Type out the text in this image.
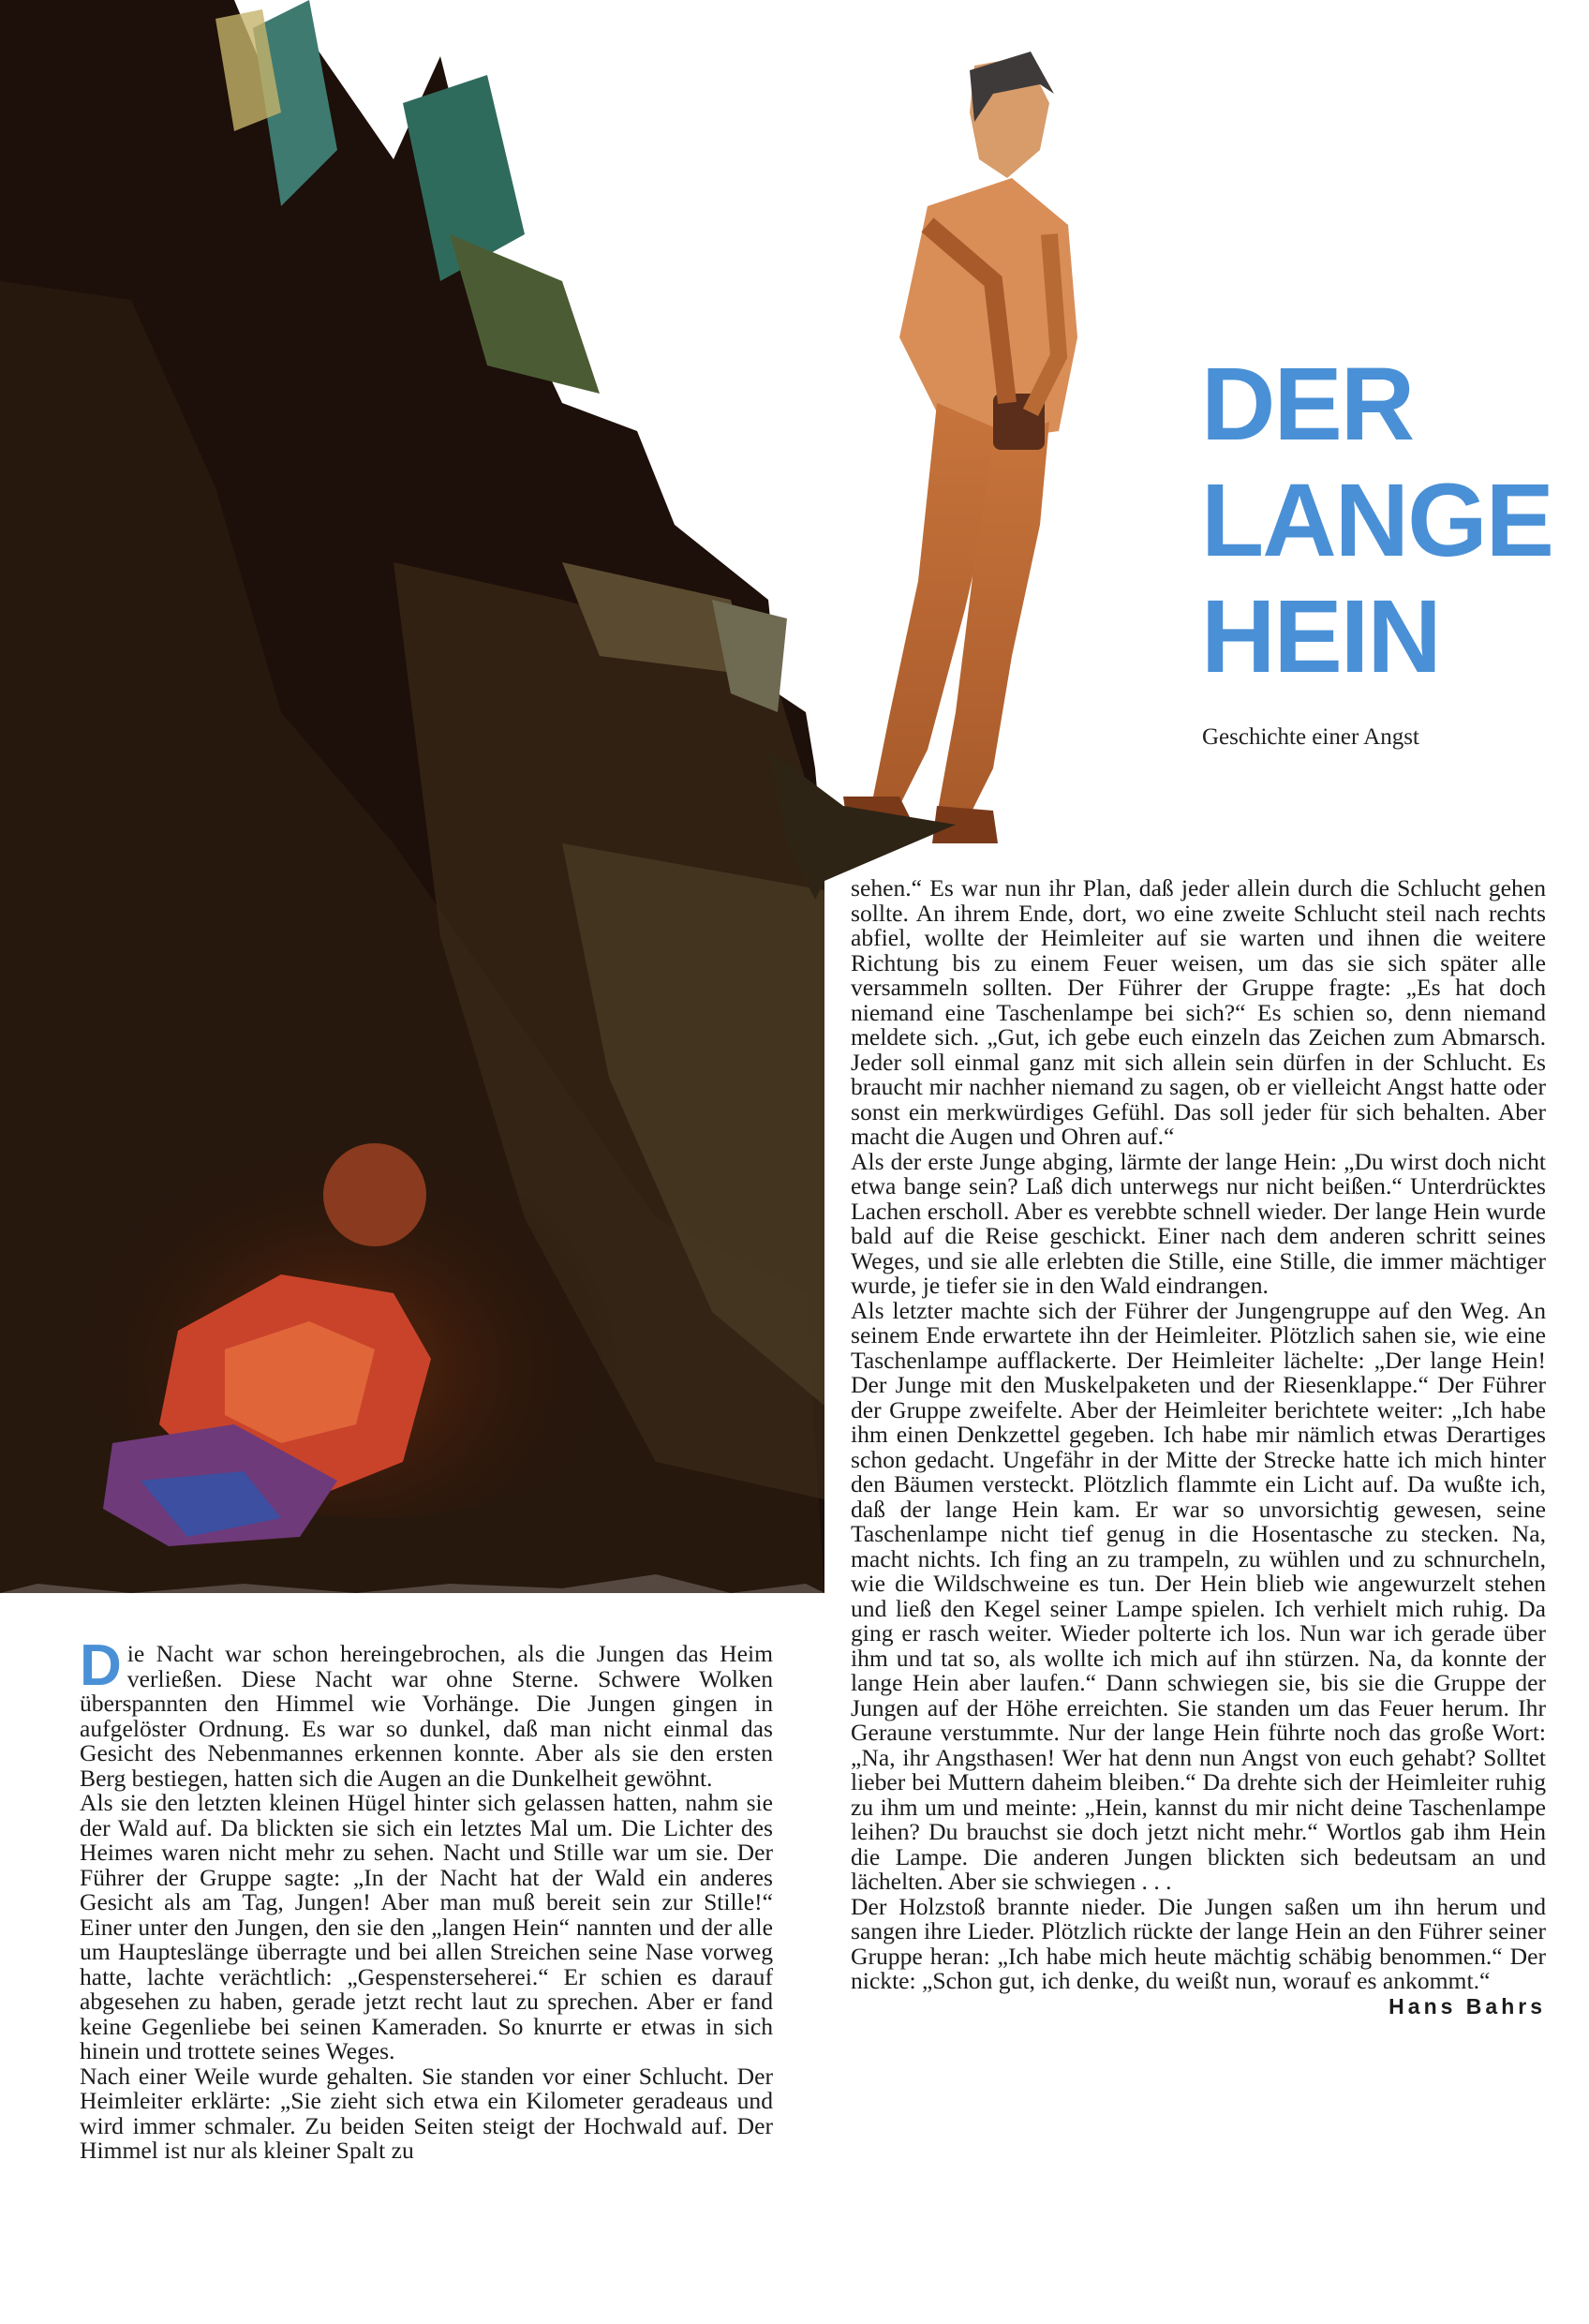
DER
LANGE
HEIN

Geschichte einer Angst

Die Nacht war schon hereingebrochen, als die Jungen das Heim verließen. Diese Nacht war ohne Sterne. Schwere Wolken überspannten den Himmel wie Vorhänge. Die Jungen gingen in aufgelöster Ordnung. Es war so dunkel, daß man nicht einmal das Gesicht des Nebenmannes erkennen konnte. Aber als sie den ersten Berg bestiegen, hatten sich die Augen an die Dunkelheit gewöhnt.

Als sie den letzten kleinen Hügel hinter sich gelassen hatten, nahm sie der Wald auf. Da blickten sie sich ein letztes Mal um. Die Lichter des Heimes waren nicht mehr zu sehen. Nacht und Stille war um sie. Der Führer der Gruppe sagte: „In der Nacht hat der Wald ein anderes Gesicht als am Tag, Jungen! Aber man muß bereit sein zur Stille!“ Einer unter den Jungen, den sie den „langen Hein“ nannten und der alle um Haupteslänge überragte und bei allen Streichen seine Nase vorweg hatte, lachte verächtlich: „Gespensterseherei.“ Er schien es darauf abgesehen zu haben, gerade jetzt recht laut zu sprechen. Aber er fand keine Gegenliebe bei seinen Kameraden. So knurrte er etwas in sich hinein und trottete seines Weges.

Nach einer Weile wurde gehalten. Sie standen vor einer Schlucht. Der Heimleiter erklärte: „Sie zieht sich etwa ein Kilometer geradeaus und wird immer schmaler. Zu beiden Seiten steigt der Hochwald auf. Der Himmel ist nur als kleiner Spalt zu

sehen.“ Es war nun ihr Plan, daß jeder allein durch die Schlucht gehen sollte. An ihrem Ende, dort, wo eine zweite Schlucht steil nach rechts abfiel, wollte der Heimleiter auf sie warten und ihnen die weitere Richtung bis zu einem Feuer weisen, um das sie sich später alle versammeln sollten. Der Führer der Gruppe fragte: „Es hat doch niemand eine Taschenlampe bei sich?“ Es schien so, denn niemand meldete sich. „Gut, ich gebe euch einzeln das Zeichen zum Abmarsch. Jeder soll einmal ganz mit sich allein sein dürfen in der Schlucht. Es braucht mir nachher niemand zu sagen, ob er vielleicht Angst hatte oder sonst ein merkwürdiges Gefühl. Das soll jeder für sich behalten. Aber macht die Augen und Ohren auf.“

Als der erste Junge abging, lärmte der lange Hein: „Du wirst doch nicht etwa bange sein? Laß dich unterwegs nur nicht beißen.“ Unterdrücktes Lachen erscholl. Aber es verebbte schnell wieder. Der lange Hein wurde bald auf die Reise geschickt. Einer nach dem anderen schritt seines Weges, und sie alle erlebten die Stille, eine Stille, die immer mächtiger wurde, je tiefer sie in den Wald eindrangen.

Als letzter machte sich der Führer der Jungengruppe auf den Weg. An seinem Ende erwartete ihn der Heimleiter. Plötzlich sahen sie, wie eine Taschenlampe aufflackerte. Der Heimleiter lächelte: „Der lange Hein! Der Junge mit den Muskelpaketen und der Riesenklappe.“ Der Führer der Gruppe zweifelte. Aber der Heimleiter berichtete weiter: „Ich habe ihm einen Denkzettel gegeben. Ich habe mir nämlich etwas Derartiges schon gedacht. Ungefähr in der Mitte der Strecke hatte ich mich hinter den Bäumen versteckt. Plötzlich flammte ein Licht auf. Da wußte ich, daß der lange Hein kam. Er war so unvorsichtig gewesen, seine Taschenlampe nicht tief genug in die Hosentasche zu stecken. Na, macht nichts. Ich fing an zu trampeln, zu wühlen und zu schnurcheln, wie die Wildschweine es tun. Der Hein blieb wie angewurzelt stehen und ließ den Kegel seiner Lampe spielen. Ich verhielt mich ruhig. Da ging er rasch weiter. Wieder polterte ich los. Nun war ich gerade über ihm und tat so, als wollte ich mich auf ihn stürzen. Na, da konnte der lange Hein aber laufen.“ Dann schwiegen sie, bis sie die Gruppe der Jungen auf der Höhe erreichten. Sie standen um das Feuer herum. Ihr Geraune verstummte. Nur der lange Hein führte noch das große Wort: „Na, ihr Angsthasen! Wer hat denn nun Angst von euch gehabt? Solltet lieber bei Muttern daheim bleiben.“ Da drehte sich der Heimleiter ruhig zu ihm um und meinte: „Hein, kannst du mir nicht deine Taschenlampe leihen? Du brauchst sie doch jetzt nicht mehr.“ Wortlos gab ihm Hein die Lampe. Die anderen Jungen blickten sich bedeutsam an und lächelten. Aber sie schwiegen . . .

Der Holzstoß brannte nieder. Die Jungen saßen um ihn herum und sangen ihre Lieder. Plötzlich rückte der lange Hein an den Führer seiner Gruppe heran: „Ich habe mich heute mächtig schäbig benommen.“ Der nickte: „Schon gut, ich denke, du weißt nun, worauf es ankommt.“
Hans Bahrs
